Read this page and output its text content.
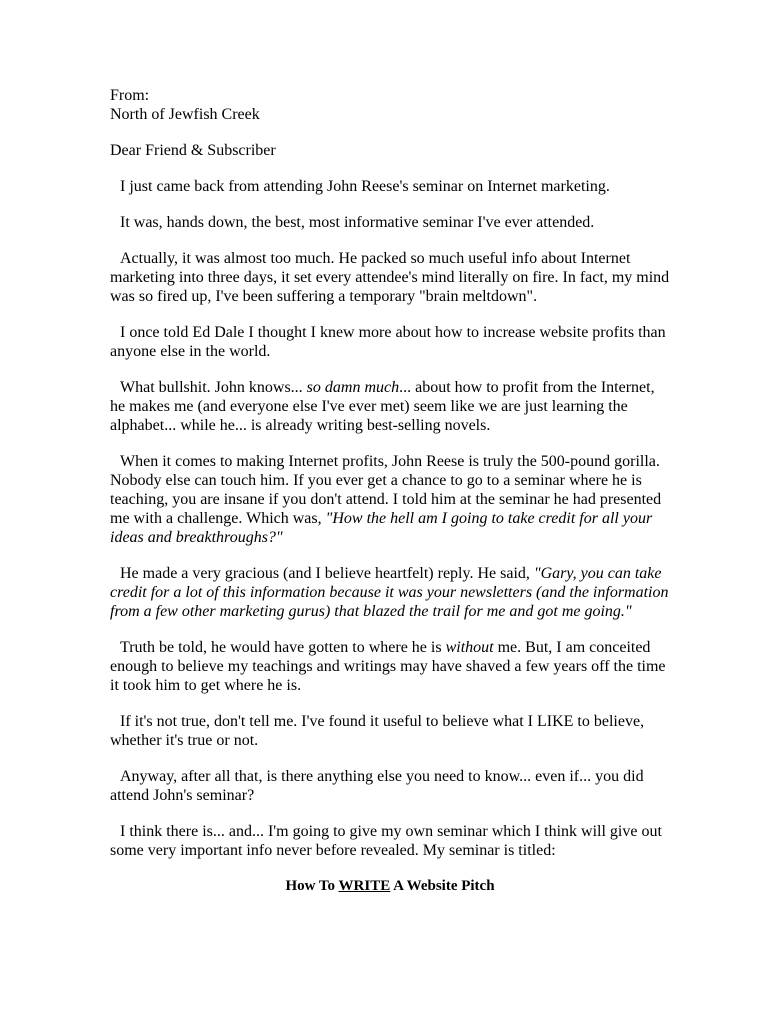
From:
North of Jewfish Creek

Dear Friend & Subscriber

I just came back from attending John Reese's seminar on Internet marketing.

It was, hands down, the best, most informative seminar I've ever attended.

Actually, it was almost too much. He packed so much useful info about Internet marketing into three days, it set every attendee's mind literally on fire. In fact, my mind was so fired up, I've been suffering a temporary "brain meltdown".

I once told Ed Dale I thought I knew more about how to increase website profits than anyone else in the world.

What bullshit. John knows... so damn much... about how to profit from the Internet, he makes me (and everyone else I've ever met) seem like we are just learning the alphabet... while he... is already writing best-selling novels.

When it comes to making Internet profits, John Reese is truly the 500-pound gorilla. Nobody else can touch him. If you ever get a chance to go to a seminar where he is teaching, you are insane if you don't attend. I told him at the seminar he had presented me with a challenge. Which was, "How the hell am I going to take credit for all your ideas and breakthroughs?"

He made a very gracious (and I believe heartfelt) reply. He said, "Gary, you can take credit for a lot of this information because it was your newsletters (and the information from a few other marketing gurus) that blazed the trail for me and got me going."

Truth be told, he would have gotten to where he is without me. But, I am conceited enough to believe my teachings and writings may have shaved a few years off the time it took him to get where he is.

If it's not true, don't tell me. I've found it useful to believe what I LIKE to believe, whether it's true or not.

Anyway, after all that, is there anything else you need to know... even if... you did attend John's seminar?

I think there is... and... I'm going to give my own seminar which I think will give out some very important info never before revealed. My seminar is titled:

How To WRITE A Website Pitch
